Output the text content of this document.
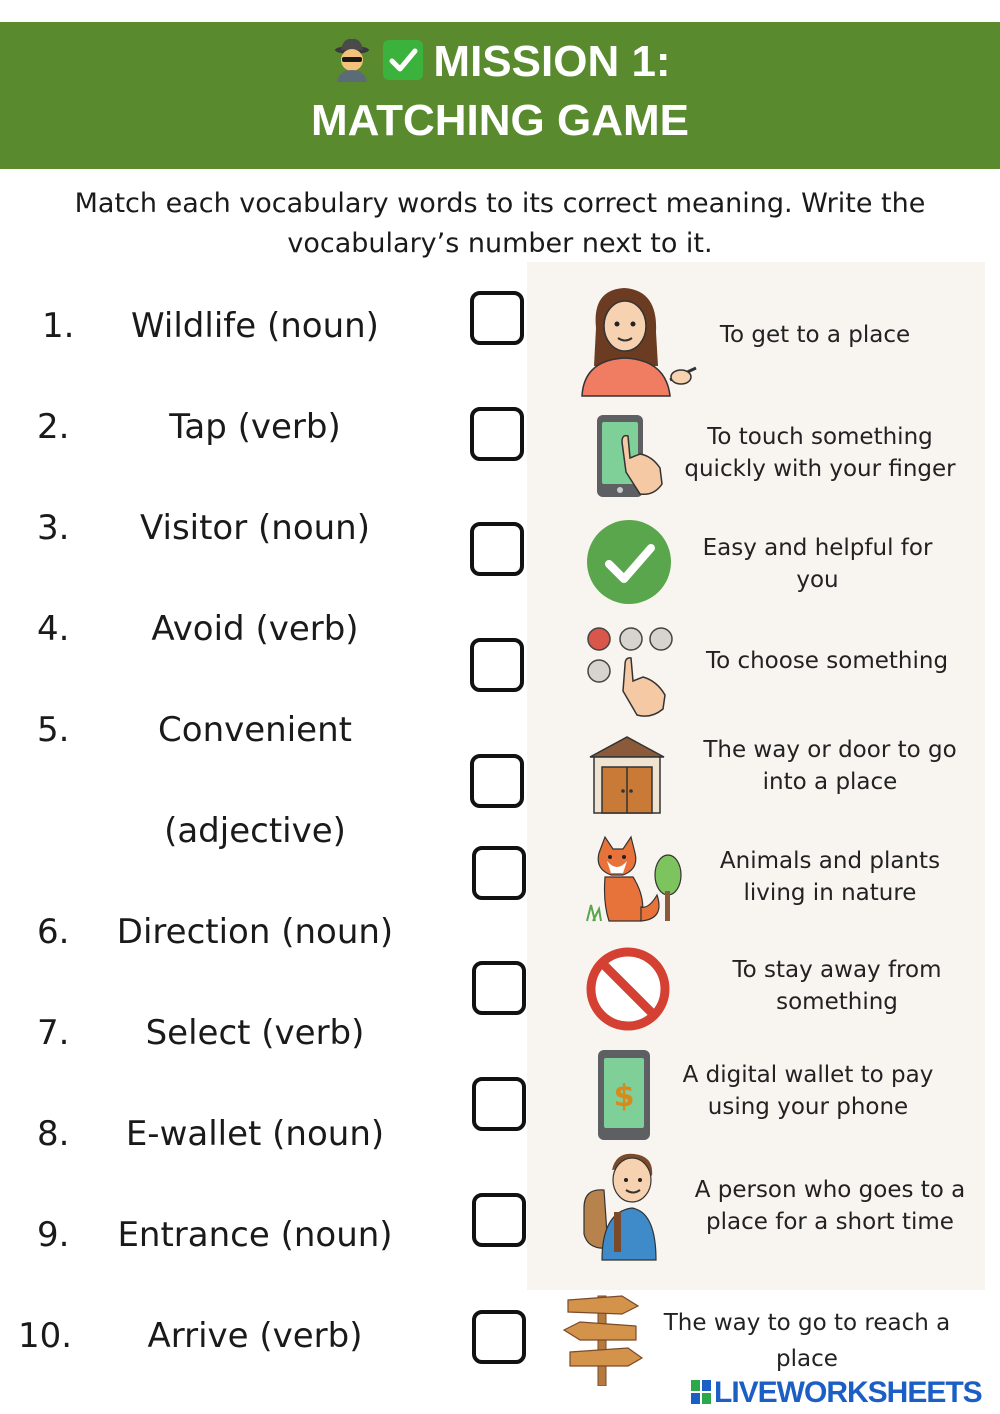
MISSION 1:
MATCHING GAME
Match each vocabulary words to its correct meaning. Write the vocabulary’s number next to it.
1.	Wildlife (noun)
2.	Tap (verb)
3.	Visitor (noun)
4.	Avoid (verb)
5.	Convenient
(adjective)
6.	Direction (noun)
7.	Select (verb)
8.	E-wallet (noun)
9.	Entrance (noun)
10.	Arrive (verb)
To get to a place
To touch something quickly with your finger
Easy and helpful for you
To choose something
The way or door to go into a place
Animals and plants living in nature
To stay away from something
$
A digital wallet to pay using your phone
A person who goes to a place for a short time
The way to go to reach a place
LIVEWORKSHEETS
